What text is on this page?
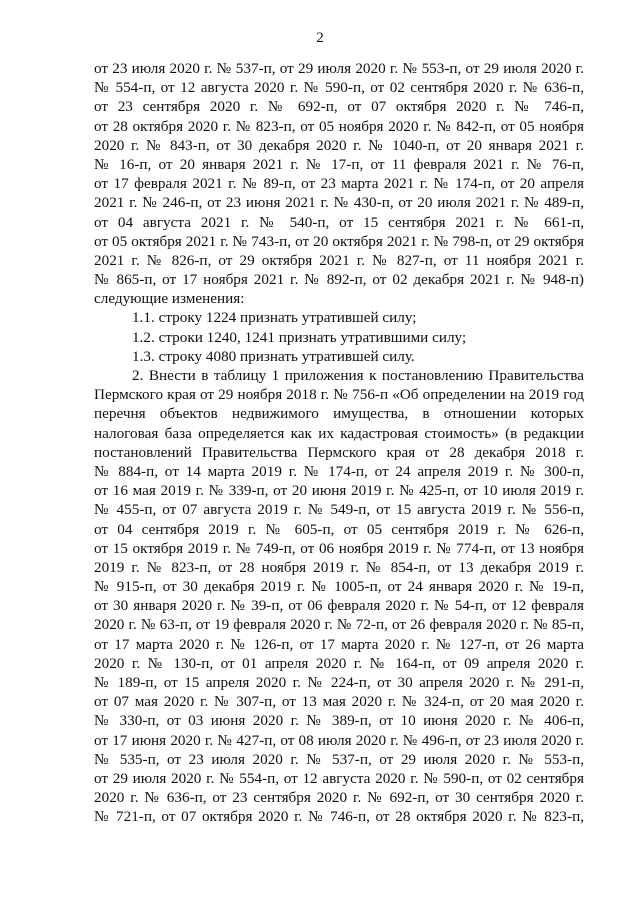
2
от 23 июля 2020 г. № 537-п, от 29 июля 2020 г. № 553-п, от 29 июля 2020 г.
№ 554-п, от 12 августа 2020 г. № 590-п, от 02 сентября 2020 г. № 636-п,
от 23 сентября 2020 г. № 692-п, от 07 октября 2020 г. № 746-п,
от 28 октября 2020 г. № 823-п, от 05 ноября 2020 г. № 842-п, от 05 ноября
2020 г. № 843-п, от 30 декабря 2020 г. № 1040-п, от 20 января 2021 г.
№ 16-п, от 20 января 2021 г. № 17-п, от 11 февраля 2021 г. № 76-п,
от 17 февраля 2021 г. № 89-п, от 23 марта 2021 г. № 174-п, от 20 апреля
2021 г. № 246-п, от 23 июня 2021 г. № 430-п, от 20 июля 2021 г. № 489-п,
от 04 августа 2021 г. № 540-п, от 15 сентября 2021 г. № 661-п,
от 05 октября 2021 г. № 743-п, от 20 октября 2021 г. № 798-п, от 29 октября
2021 г. № 826-п, от 29 октября 2021 г. № 827-п, от 11 ноября 2021 г.
№ 865-п, от 17 ноября 2021 г. № 892-п, от 02 декабря 2021 г. № 948-п)
следующие изменения:
1.1. строку 1224 признать утратившей силу;
1.2. строки 1240, 1241 признать утратившими силу;
1.3. строку 4080 признать утратившей силу.
2. Внести в таблицу 1 приложения к постановлению Правительства
Пермского края от 29 ноября 2018 г. № 756-п «Об определении на 2019 год
перечня объектов недвижимого имущества, в отношении которых
налоговая база определяется как их кадастровая стоимость» (в редакции
постановлений Правительства Пермского края от 28 декабря 2018 г.
№ 884-п, от 14 марта 2019 г. № 174-п, от 24 апреля 2019 г. № 300-п,
от 16 мая 2019 г. № 339-п, от 20 июня 2019 г. № 425-п, от 10 июля 2019 г.
№ 455-п, от 07 августа 2019 г. № 549-п, от 15 августа 2019 г. № 556-п,
от 04 сентября 2019 г. № 605-п, от 05 сентября 2019 г. № 626-п,
от 15 октября 2019 г. № 749-п, от 06 ноября 2019 г. № 774-п, от 13 ноября
2019 г. № 823-п, от 28 ноября 2019 г. № 854-п, от 13 декабря 2019 г.
№ 915-п, от 30 декабря 2019 г. № 1005-п, от 24 января 2020 г. № 19-п,
от 30 января 2020 г. № 39-п, от 06 февраля 2020 г. № 54-п, от 12 февраля
2020 г. № 63-п, от 19 февраля 2020 г. № 72-п, от 26 февраля 2020 г. № 85-п,
от 17 марта 2020 г. № 126-п, от 17 марта 2020 г. № 127-п, от 26 марта
2020 г. № 130-п, от 01 апреля 2020 г. № 164-п, от 09 апреля 2020 г.
№ 189-п, от 15 апреля 2020 г. № 224-п, от 30 апреля 2020 г. № 291-п,
от 07 мая 2020 г. № 307-п, от 13 мая 2020 г. № 324-п, от 20 мая 2020 г.
№ 330-п, от 03 июня 2020 г. № 389-п, от 10 июня 2020 г. № 406-п,
от 17 июня 2020 г. № 427-п, от 08 июля 2020 г. № 496-п, от 23 июля 2020 г.
№ 535-п, от 23 июля 2020 г. № 537-п, от 29 июля 2020 г. № 553-п,
от 29 июля 2020 г. № 554-п, от 12 августа 2020 г. № 590-п, от 02 сентября
2020 г. № 636-п, от 23 сентября 2020 г. № 692-п, от 30 сентября 2020 г.
№ 721-п, от 07 октября 2020 г. № 746-п, от 28 октября 2020 г. № 823-п,
